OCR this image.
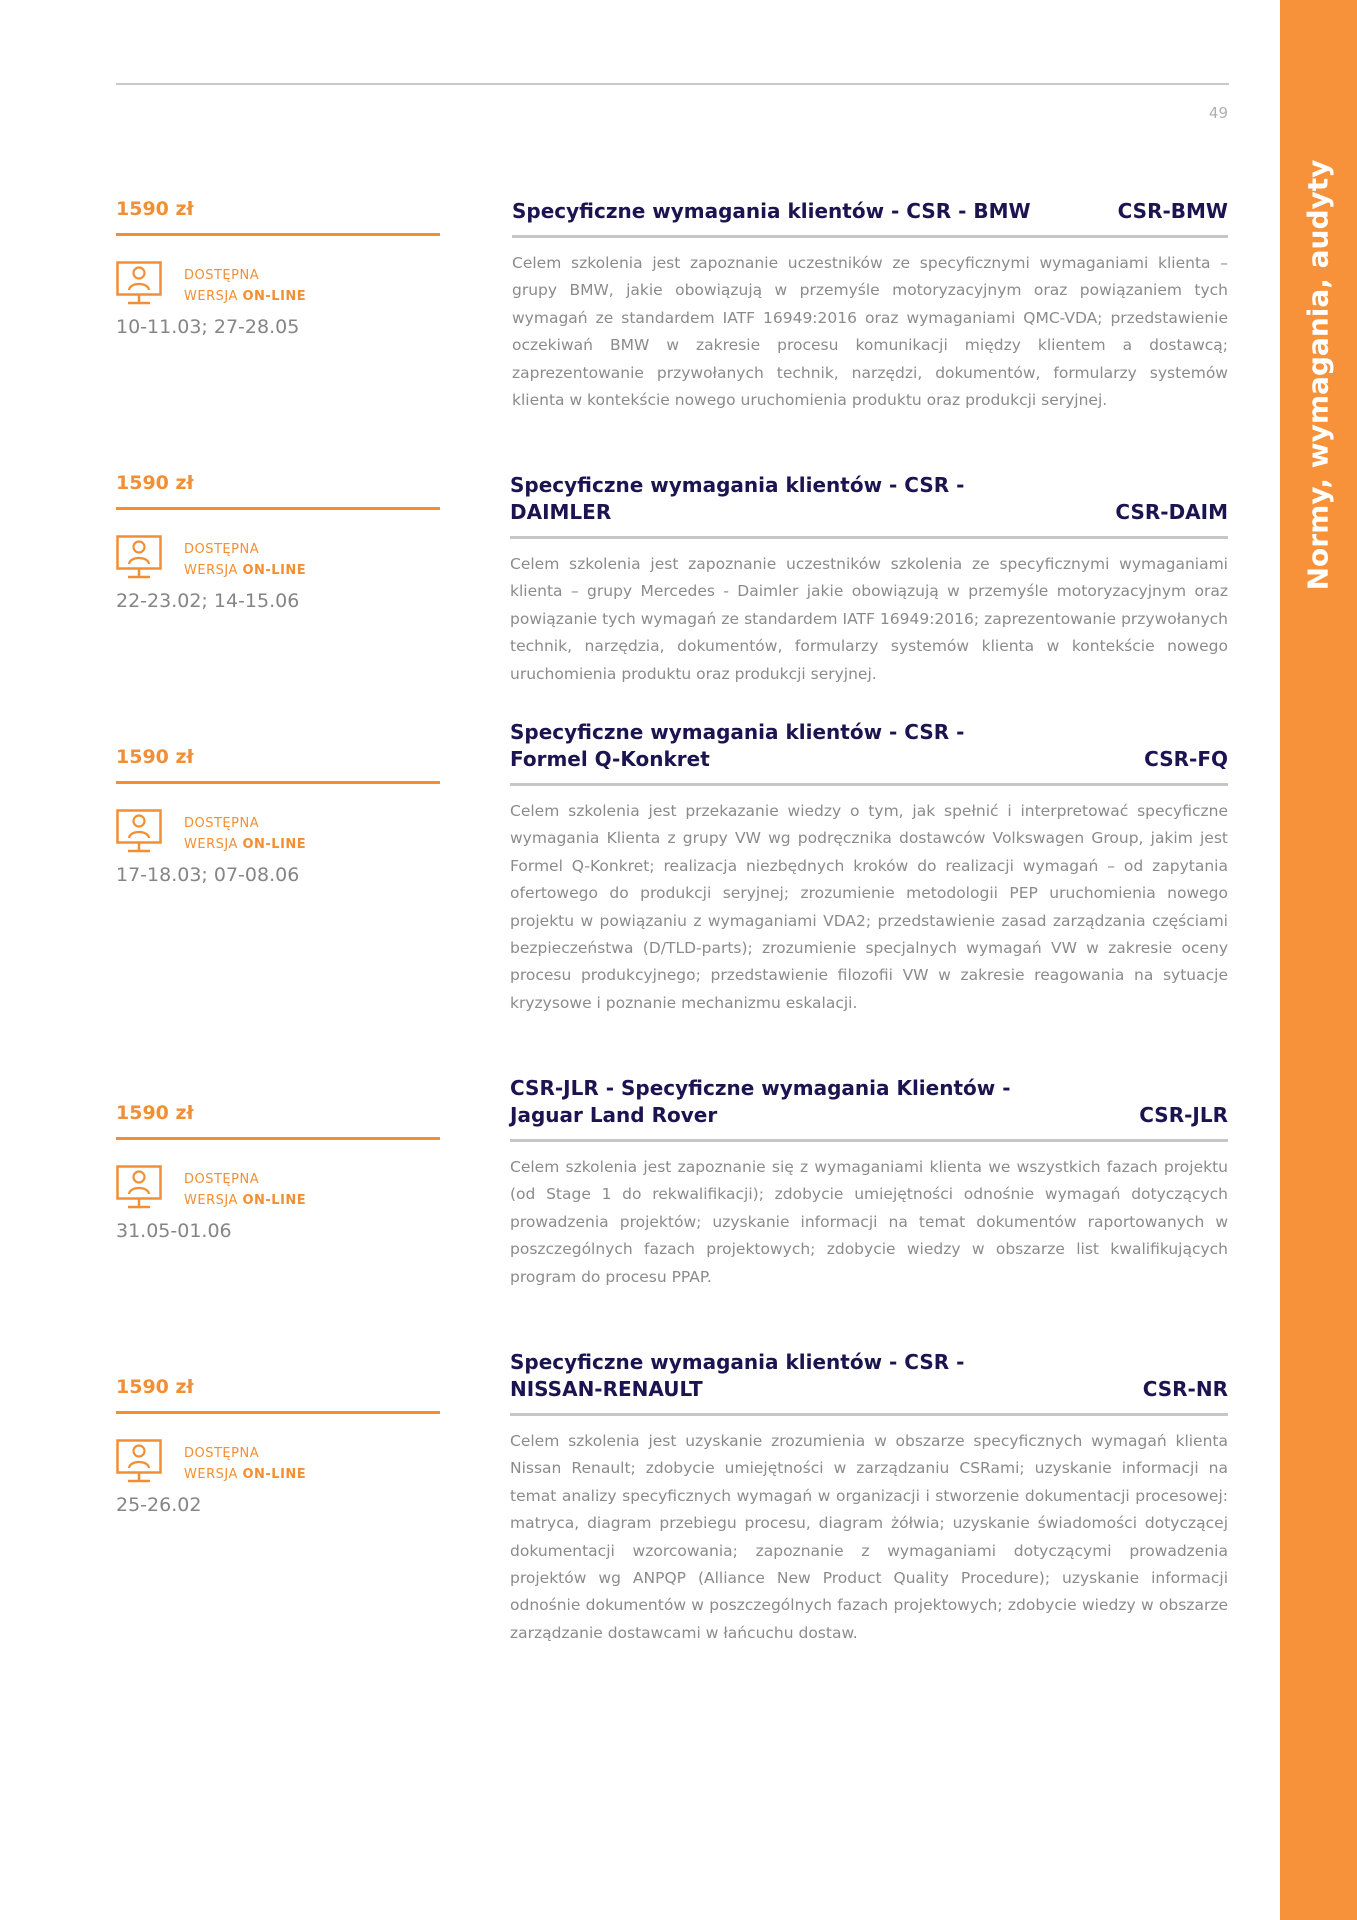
49
Normy, wymagania, audyty
1590 zł
DOSTĘPNA
WERSJA ON-LINE
10-11.03; 27-28.05
Specyficzne wymagania klientów - CSR - BMW	CSR-BMW
Celem szkolenia jest zapoznanie uczestników ze specyficznymi wymaganiami klienta – grupy BMW, jakie obowiązują w przemyśle motoryzacyjnym oraz powiązaniem tych wymagań ze standardem IATF 16949:2016 oraz wymaganiami QMC-VDA; przedstawienie oczekiwań BMW w zakresie procesu komunikacji między klientem a dostawcą; zaprezentowanie przywołanych technik, narzędzi, dokumentów, formularzy systemów klienta w kontekście nowego uruchomienia produktu oraz produkcji seryjnej.
1590 zł
DOSTĘPNA
WERSJA ON-LINE
22-23.02; 14-15.06
Specyficzne wymagania klientów - CSR - DAIMLER	CSR-DAIM
Celem szkolenia jest zapoznanie uczestników szkolenia ze specyficznymi wymaganiami klienta – grupy Mercedes - Daimler jakie obowiązują w przemyśle motoryzacyjnym oraz powiązanie tych wymagań ze standardem IATF 16949:2016; zaprezentowanie przywołanych technik, narzędzia, dokumentów, formularzy systemów klienta w kontekście nowego uruchomienia produktu oraz produkcji seryjnej.
1590 zł
DOSTĘPNA
WERSJA ON-LINE
17-18.03; 07-08.06
Specyficzne wymagania klientów - CSR - Formel Q-Konkret	CSR-FQ
Celem szkolenia jest przekazanie wiedzy o tym, jak spełnić i interpretować specyficzne wymagania Klienta z grupy VW wg podręcznika dostawców Volkswagen Group, jakim jest Formel Q-Konkret; realizacja niezbędnych kroków do realizacji wymagań – od zapytania ofertowego do produkcji seryjnej; zrozumienie metodologii PEP uruchomienia nowego projektu w powiązaniu z wymaganiami VDA2; przedstawienie zasad zarządzania częściami bezpieczeństwa (D/TLD-parts); zrozumienie specjalnych wymagań VW w zakresie oceny procesu produkcyjnego; przedstawienie filozofii VW w zakresie reagowania na sytuacje kryzysowe i poznanie mechanizmu eskalacji.
1590 zł
DOSTĘPNA
WERSJA ON-LINE
31.05-01.06
CSR-JLR - Specyficzne wymagania Klientów - Jaguar Land Rover	CSR-JLR
Celem szkolenia jest zapoznanie się z wymaganiami klienta we wszystkich fazach projektu (od Stage 1 do rekwalifikacji); zdobycie umiejętności odnośnie wymagań dotyczących prowadzenia projektów; uzyskanie informacji na temat dokumentów raportowanych w poszczególnych fazach projektowych; zdobycie wiedzy w obszarze list kwalifikujących program do procesu PPAP.
1590 zł
DOSTĘPNA
WERSJA ON-LINE
25-26.02
Specyficzne wymagania klientów - CSR - NISSAN-RENAULT	CSR-NR
Celem szkolenia jest uzyskanie zrozumienia w obszarze specyficznych wymagań klienta Nissan Renault; zdobycie umiejętności w zarządzaniu CSRami; uzyskanie informacji na temat analizy specyficznych wymagań w organizacji i stworzenie dokumentacji procesowej: matryca, diagram przebiegu procesu, diagram żółwia; uzyskanie świadomości dotyczącej dokumentacji wzorcowania; zapoznanie z wymaganiami dotyczącymi prowadzenia projektów wg ANPQP (Alliance New Product Quality Procedure); uzyskanie informacji odnośnie dokumentów w poszczególnych fazach projektowych; zdobycie wiedzy w obszarze zarządzanie dostawcami w łańcuchu dostaw.
